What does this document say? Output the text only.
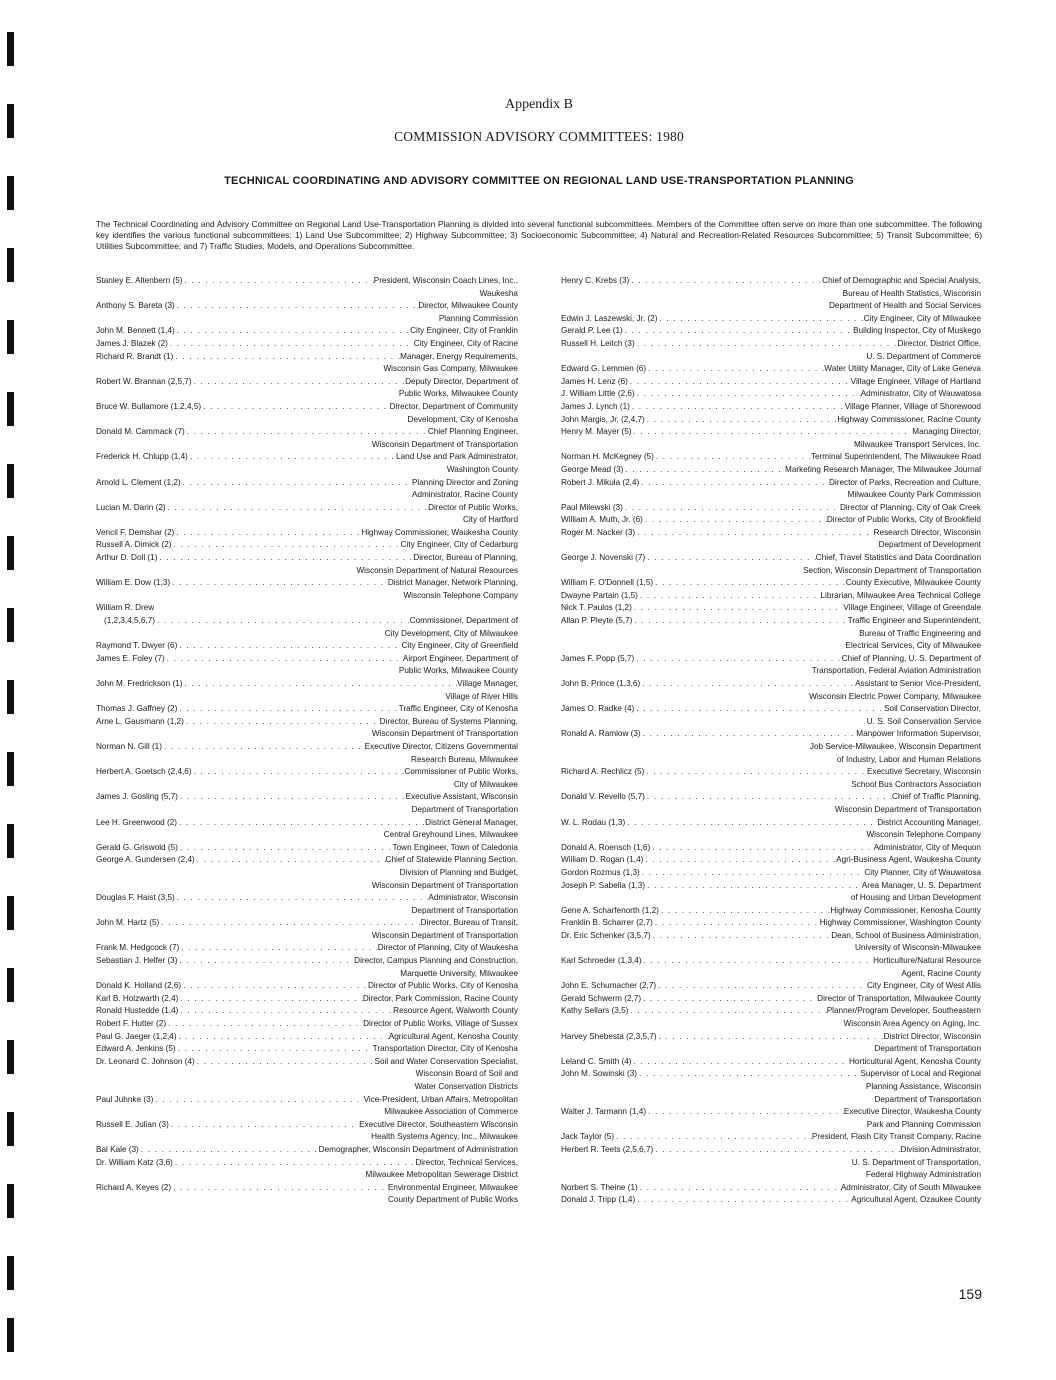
Appendix B
COMMISSION ADVISORY COMMITTEES: 1980
TECHNICAL COORDINATING AND ADVISORY COMMITTEE ON REGIONAL LAND USE-TRANSPORTATION PLANNING
The Technical Coordinating and Advisory Committee on Regional Land Use-Transportation Planning is divided into several functional subcommittees. Members of the Committee often serve on more than one subcommittee. The following key identifies the various functional subcommittees: 1) Land Use Subcommittee; 2) Highway Subcommittee; 3) Socioeconomic Subcommittee; 4) Natural and Recreation-Related Resources Subcommittee; 5) Transit Subcommittee; 6) Utilities Subcommittee; and 7) Traffic Studies, Models, and Operations Subcommittee.
Stanley E. Altenbern (5) . . .	President, Wisconsin Coach Lines, Inc.,
Waukesha
Anthony S. Bareta (3) . . .	Director, Milwaukee County
Planning Commission
John M. Bennett (1,4) . . .	City Engineer, City of Franklin
James J. Blazek (2) . . .	City Engineer, City of Racine
Richard R. Brandt (1) . . .	Manager, Energy Requirements,
Wisconsin Gas Company, Milwaukee
Robert W. Brannan (2,5,7) . . .	Deputy Director, Department of
Public Works, Milwaukee County
Bruce W. Bullamore (1,2,4,5) . . .	Director, Department of Community
Development, City of Kenosha
Donald M. Cammack (7) . . .	Chief Planning Engineer,
Wisconsin Department of Transportation
Frederick H. Chlupp (1,4) . . .	Land Use and Park Administrator,
Washington County
Arnold L. Clement (1,2) . . .	Planning Director and Zoning
Administrator, Racine County
Lucian M. Darin (2) . . .	Director of Public Works,
City of Hartford
Vencil F. Demshar (2) . . .	Highway Commissioner, Waukesha County
Russell A. Dimick (2) . . .	City Engineer, City of Cedarburg
Arthur D. Doll (1) . . .	Director, Bureau of Planning,
Wisconsin Department of Natural Resources
William E. Dow (1,3) . . .	District Manager, Network Planning,
Wisconsin Telephone Company
William R. Drew
(1,2,3,4,5,6,7) . . .	Commissioner, Department of
City Development, City of Milwaukee
Raymond T. Dwyer (6) . . .	City Engineer, City of Greenfield
James E. Foley (7) . . .	Airport Engineer, Department of
Public Works, Milwaukee County
John M. Fredrickson (1) . . .	Village Manager,
Village of River Hills
Thomas J. Gaffney (2) . . .	Traffic Engineer, City of Kenosha
Arne L. Gausmann (1,2) . . .	Director, Bureau of Systems Planning,
Wisconsin Department of Transportation
Norman N. Gill (1) . . .	Executive Director, Citizens Governmental
Research Bureau, Milwaukee
Herbert A. Goetsch (2,4,6) . . .	Commissioner of Public Works,
City of Milwaukee
James J. Gosling (5,7) . . .	Executive Assistant, Wisconsin
Department of Transportation
Lee H. Greenwood (2) . . .	District General Manager,
Central Greyhound Lines, Milwaukee
Gerald G. Griswold (5) . . .	Town Engineer, Town of Caledonia
George A. Gundersen (2,4) . . .	Chief of Statewide Planning Section,
Division of Planning and Budget,
Wisconsin Department of Transportation
Douglas F. Haist (3,5) . . .	Administrator, Wisconsin
Department of Transportation
John M. Hartz (5) . . .	Director, Bureau of Transit,
Wisconsin Department of Transportation
Frank M. Hedgcock (7) . . .	Director of Planning, City of Waukesha
Sebastian J. Helfer (3) . . .	Director, Campus Planning and Construction,
Marquette University, Milwaukee
Donald K. Holland (2,6) . . .	Director of Public Works, City of Kenosha
Karl B. Holzwarth (2,4) . . .	Director, Park Commission, Racine County
Ronald Hustedde (1,4) . . .	Resource Agent, Walworth County
Robert F. Hutter (2) . . .	Director of Public Works, Village of Sussex
Paul G. Jaeger (1,2,4) . . .	Agricultural Agent, Kenosha County
Edward A. Jenkins (5) . . .	Transportation Director, City of Kenosha
Dr. Leonard C. Johnson (4) . . .	Soil and Water Conservation Specialist,
Wisconsin Board of Soil and
Water Conservation Districts
Paul Juhnke (3) . . .	Vice-President, Urban Affairs, Metropolitan
Milwaukee Association of Commerce
Russell E. Julian (3) . . .	Executive Director, Southeastern Wisconsin
Health Systems Agency, Inc., Milwaukee
Bal Kale (3) . . .	Demographer, Wisconsin Department of Administration
Dr. William Katz (3,6) . . .	Director, Technical Services,
Milwaukee Metropolitan Sewerage District
Richard A. Keyes (2) . . .	Environmental Engineer, Milwaukee
County Department of Public Works
Henry C. Krebs (3) . . .	Chief of Demographic and Special Analysis,
Bureau of Health Statistics, Wisconsin
Department of Health and Social Services
Edwin J. Laszewski, Jr. (2) . . .	City Engineer, City of Milwaukee
Gerald P. Lee (1) . . .	Building Inspector, City of Muskego
Russell H. Leitch (3) . . .	Director, District Office,
U. S. Department of Commerce
Edward G. Lemmen (6) . . .	Water Utility Manager, City of Lake Geneva
James H. Lenz (6) . . .	Village Engineer, Village of Hartland
J. William Little (2,6) . . .	Administrator, City of Wauwatosa
James J. Lynch (1) . . .	Village Planner, Village of Shorewood
John Margis, Jr. (2,4,7) . . .	Highway Commissioner, Racine County
Henry M. Mayer (5) . . .	Managing Director,
Milwaukee Transport Services, Inc.
Norman H. McKegney (5) . . .	Terminal Superintendent, The Milwaukee Road
George Mead (3) . . .	Marketing Research Manager, The Milwaukee Journal
Robert J. Mikula (2,4) . . .	Director of Parks, Recreation and Culture,
Milwaukee County Park Commission
Paul Milewski (3) . . .	Director of Planning, City of Oak Creek
William A. Muth, Jr. (6) . . .	Director of Public Works, City of Brookfield
Roger M. Nacker (3) . . .	Research Director, Wisconsin
Department of Development
George J. Novenski (7) . . .	Chief, Travel Statistics and Data Coordination
Section, Wisconsin Department of Transportation
William F. O'Donnell (1,5) . . .	County Executive, Milwaukee County
Dwayne Partain (1,5) . . .	Librarian, Milwaukee Area Technical College
Nick T. Paulos (1,2) . . .	Village Engineer, Village of Greendale
Allan P. Pleyte (5,7) . . .	Traffic Engineer and Superintendent,
Bureau of Traffic Engineering and
Electrical Services, City of Milwaukee
James F. Popp (5,7) . . .	Chief of Planning, U. S. Department of
Transportation, Federal Aviation Administration
John B. Prince (1,3,6) . . .	Assistant to Senior Vice-President,
Wisconsin Electric Power Company, Milwaukee
James O. Radke (4) . . .	Soil Conservation Director,
U. S. Soil Conservation Service
Ronald A. Ramlow (3) . . .	Manpower Information Supervisor,
Job Service-Milwaukee, Wisconsin Department
of Industry, Labor and Human Relations
Richard A. Rechlicz (5) . . .	Executive Secretary, Wisconsin
School Bus Contractors Association
Donald V. Revello (5,7) . . .	Chief of Traffic Planning,
Wisconsin Department of Transportation
W. L. Rodau (1,3) . . .	District Accounting Manager,
Wisconsin Telephone Company
Donald A. Roensch (1,6) . . .	Administrator, City of Mequon
William D. Rogan (1,4) . . .	Agri-Business Agent, Waukesha County
Gordon Rozmus (1,3) . . .	City Planner, City of Wauwatosa
Joseph P. Sabella (1,3) . . .	Area Manager, U. S. Department
of Housing and Urban Development
Gene A. Scharfenorth (1,2) . . .	Highway Commissioner, Kenosha County
Franklin B. Scharrer (2,7) . . .	Highway Commissioner, Washington County
Dr. Eric Schenker (3,5,7) . . .	Dean, School of Business Administration,
University of Wisconsin-Milwaukee
Karl Schroeder (1,3,4) . . .	Horticulture/Natural Resource
Agent, Racine County
John E. Schumacher (2,7) . . .	City Engineer, City of West Allis
Gerald Schwerm (2,7) . . .	Director of Transportation, Milwaukee County
Kathy Sellars (3,5) . . .	Planner/Program Developer, Southeastern
Wisconsin Area Agency on Aging, Inc.
Harvey Shebesta (2,3,5,7) . . .	District Director, Wisconsin
Department of Transportation
Leland C. Smith (4) . . .	Horticultural Agent, Kenosha County
John M. Sowinski (3) . . .	Supervisor of Local and Regional
Planning Assistance, Wisconsin
Department of Transportation
Walter J. Tarmann (1,4) . . .	Executive Director, Waukesha County
Park and Planning Commission
Jack Taylor (5) . . .	President, Flash City Transit Company, Racine
Herbert R. Teets (2,5,6,7) . . .	Division Administrator,
U. S. Department of Transportation,
Federal Highway Administration
Norbert S. Theine (1) . . .	Administrator, City of South Milwaukee
Donald J. Tripp (1,4) . . .	Agricultural Agent, Ozaukee County
159
